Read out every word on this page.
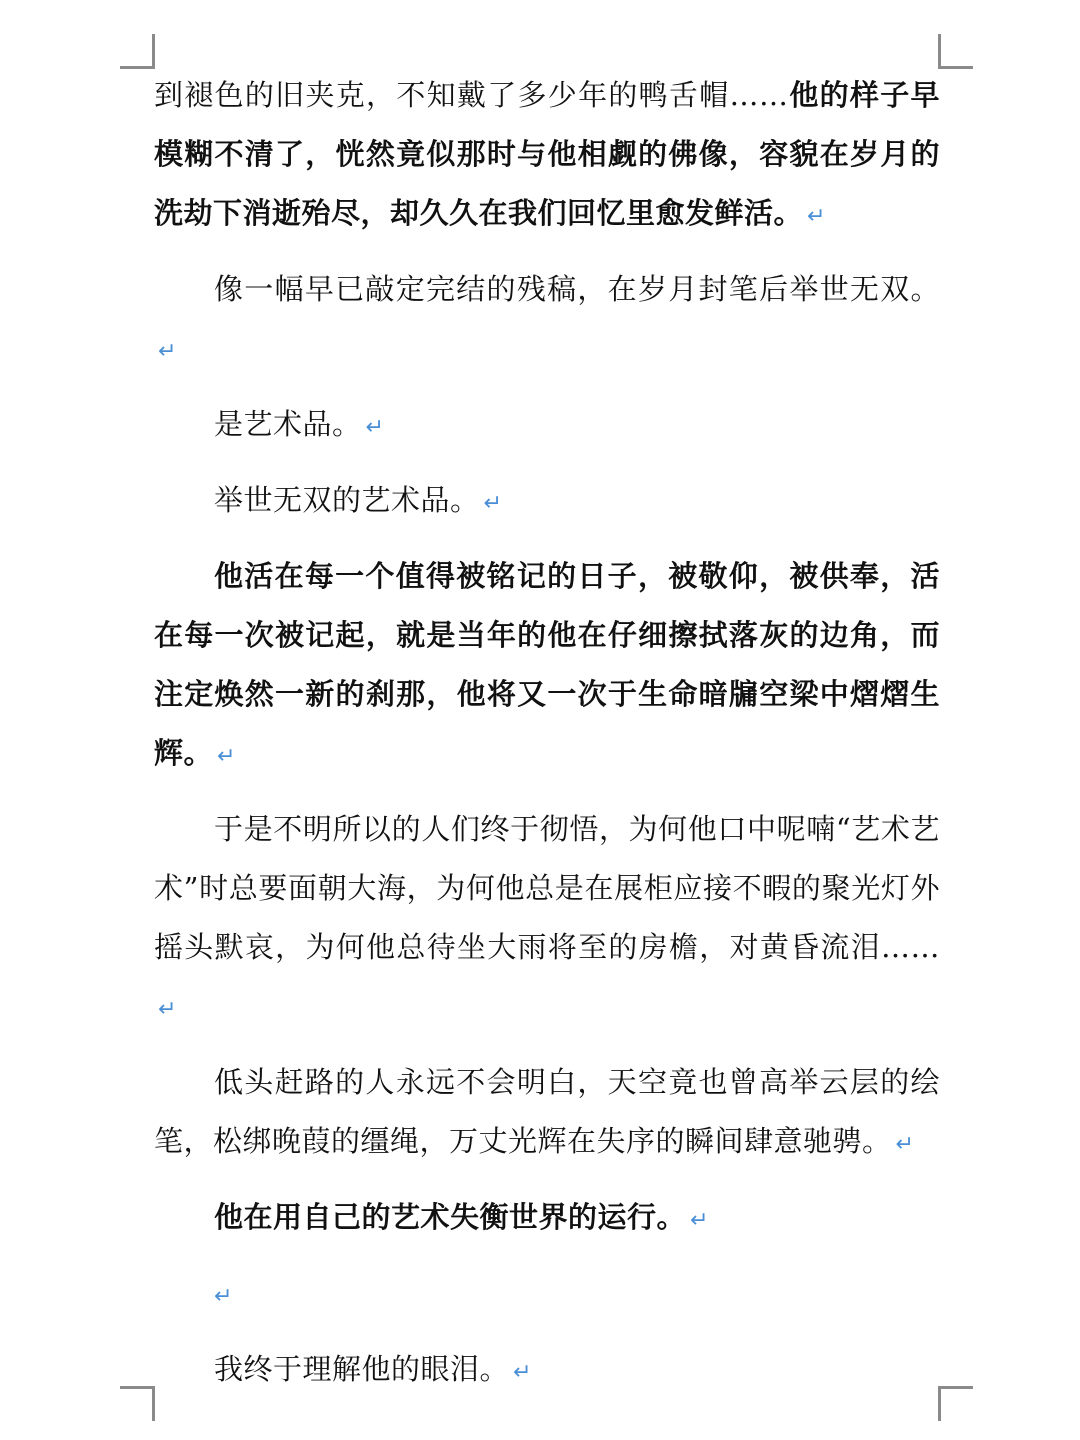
到褪色的旧夹克，不知戴了多少年的鸭舌帽……他的样子早模糊不清了，恍然竟似那时与他相觑的佛像，容貌在岁月的洗劫下消逝殆尽，却久久在我们回忆里愈发鲜活。 ↵

像一幅早已敲定完结的残稿，在岁月封笔后举世无双。↵

是艺术品。 ↵

举世无双的艺术品。 ↵

他活在每一个值得被铭记的日子，被敬仰，被供奉，活在每一次被记起，就是当年的他在仔细擦拭落灰的边角，而注定焕然一新的刹那，他将又一次于生命暗牖空梁中熠熠生辉。 ↵

于是不明所以的人们终于彻悟，为何他口中呢喃“艺术艺术”时总要面朝大海，为何他总是在展柜应接不暇的聚光灯外摇头默哀，为何他总待坐大雨将至的房檐，对黄昏流泪……↵

低头赶路的人永远不会明白，天空竟也曾高举云层的绘笔，松绑晚葭的缰绳，万丈光辉在失序的瞬间肆意驰骋。 ↵

他在用自己的艺术失衡世界的运行。 ↵

↵

我终于理解他的眼泪。 ↵
